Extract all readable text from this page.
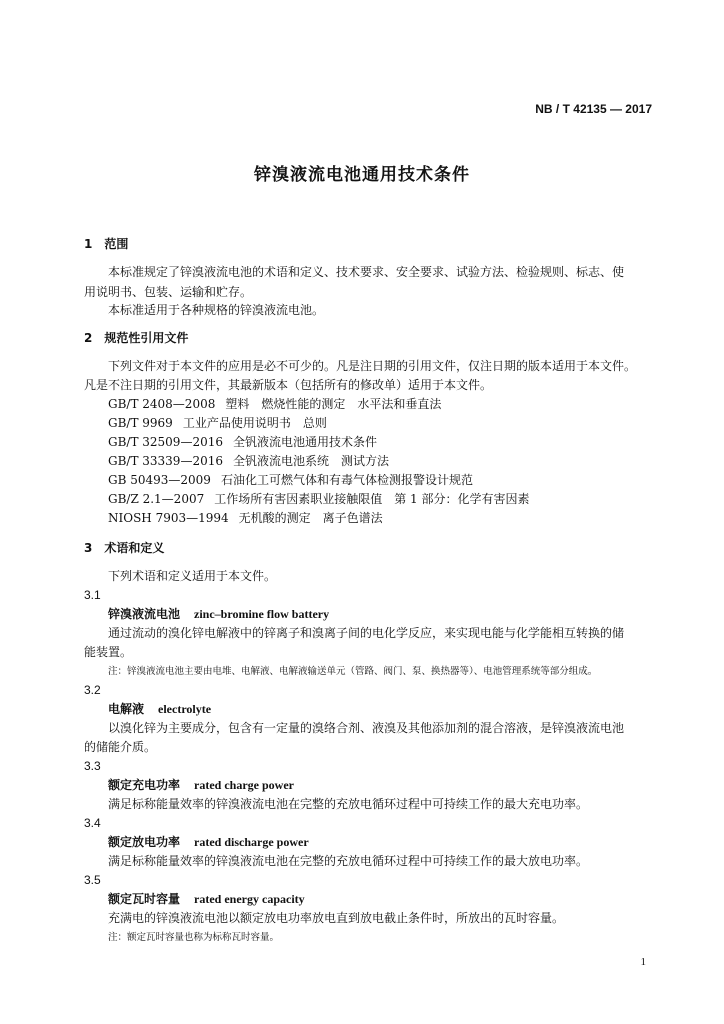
NB / T 42135 — 2017
锌溴液流电池通用技术条件
1　范围
本标准规定了锌溴液流电池的术语和定义、技术要求、安全要求、试验方法、检验规则、标志、使
用说明书、包装、运输和贮存。
本标准适用于各种规格的锌溴液流电池。
2　规范性引用文件
下列文件对于本文件的应用是必不可少的。凡是注日期的引用文件，仅注日期的版本适用于本文件。
凡是不注日期的引用文件，其最新版本（包括所有的修改单）适用于本文件。
GB/T 2408—2008 塑料　燃烧性能的测定　水平法和垂直法
GB/T 9969 工业产品使用说明书　总则
GB/T 32509—2016 全钒液流电池通用技术条件
GB/T 33339—2016 全钒液流电池系统　测试方法
GB 50493—2009 石油化工可燃气体和有毒气体检测报警设计规范
GB/Z 2.1—2007 工作场所有害因素职业接触限值　第 1 部分：化学有害因素
NIOSH 7903—1994 无机酸的测定　离子色谱法
3　术语和定义
下列术语和定义适用于本文件。
3.1
锌溴液流电池 zinc–bromine flow battery
通过流动的溴化锌电解液中的锌离子和溴离子间的电化学反应，来实现电能与化学能相互转换的储
能装置。
注：锌溴液流电池主要由电堆、电解液、电解液输送单元（管路、阀门、泵、换热器等）、电池管理系统等部分组成。
3.2
电解液 electrolyte
以溴化锌为主要成分，包含有一定量的溴络合剂、液溴及其他添加剂的混合溶液，是锌溴液流电池
的储能介质。
3.3
额定充电功率 rated charge power
满足标称能量效率的锌溴液流电池在完整的充放电循环过程中可持续工作的最大充电功率。
3.4
额定放电功率 rated discharge power
满足标称能量效率的锌溴液流电池在完整的充放电循环过程中可持续工作的最大放电功率。
3.5
额定瓦时容量 rated energy capacity
充满电的锌溴液流电池以额定放电功率放电直到放电截止条件时，所放出的瓦时容量。
注：额定瓦时容量也称为标称瓦时容量。
1
